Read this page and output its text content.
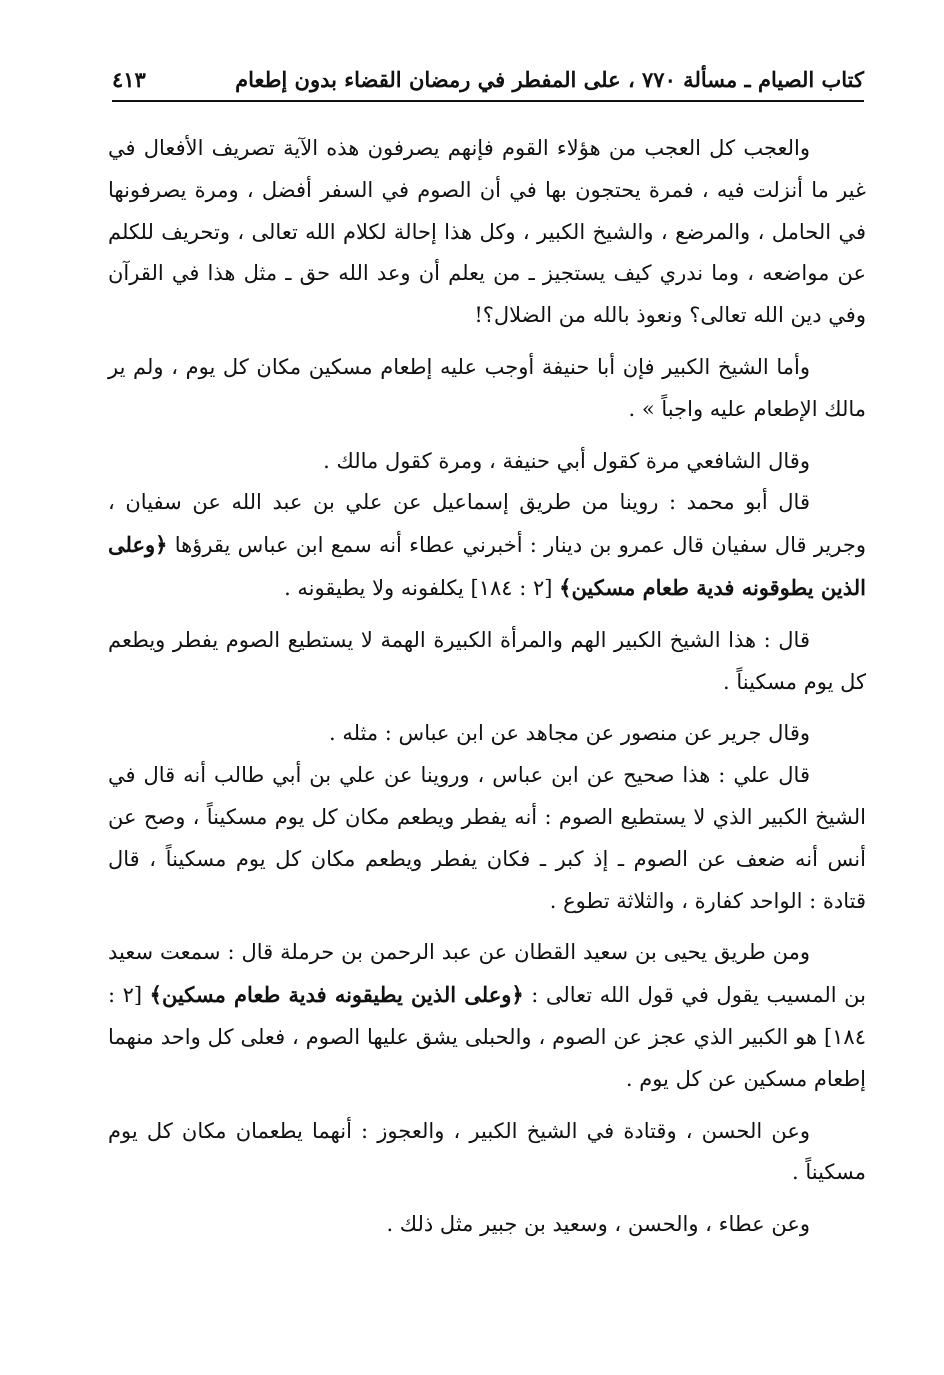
كتاب الصيام ـ مسألة ٧٧٠ ، على المفطر في رمضان القضاء بدون إطعام
٤١٣

والعجب كل العجب من هؤلاء القوم فإنهم يصرفون هذه الآية تصريف الأفعال في غير ما أنزلت فيه ، فمرة يحتجون بها في أن الصوم في السفر أفضل ، ومرة يصرفونها في الحامل ، والمرضع ، والشيخ الكبير ، وكل هذا إحالة لكلام الله تعالى ، وتحريف للكلم عن مواضعه ، وما ندري كيف يستجيز ـ من يعلم أن وعد الله حق ـ مثل هذا في القرآن وفي دين الله تعالى؟ ونعوذ بالله من الضلال؟!

وأما الشيخ الكبير فإن أبا حنيفة أوجب عليه إطعام مسكين مكان كل يوم ، ولم ير مالك الإطعام عليه واجباً » .

وقال الشافعي مرة كقول أبي حنيفة ، ومرة كقول مالك .

قال أبو محمد : روينا من طريق إسماعيل عن علي بن عبد الله عن سفيان ، وجرير قال سفيان قال عمرو بن دينار : أخبرني عطاء أنه سمع ابن عباس يقرؤها ﴿وعلى الذين يطوقونه فدية طعام مسكين﴾ [٢ : ١٨٤] يكلفونه ولا يطيقونه .

قال : هذا الشيخ الكبير الهم والمرأة الكبيرة الهمة لا يستطيع الصوم يفطر ويطعم كل يوم مسكيناً .

وقال جرير عن منصور عن مجاهد عن ابن عباس : مثله .

قال علي : هذا صحيح عن ابن عباس ، وروينا عن علي بن أبي طالب أنه قال في الشيخ الكبير الذي لا يستطيع الصوم : أنه يفطر ويطعم مكان كل يوم مسكيناً ، وصح عن أنس أنه ضعف عن الصوم ـ إذ كبر ـ فكان يفطر ويطعم مكان كل يوم مسكيناً ، قال قتادة : الواحد كفارة ، والثلاثة تطوع .

ومن طريق يحيى بن سعيد القطان عن عبد الرحمن بن حرملة قال : سمعت سعيد بن المسيب يقول في قول الله تعالى : ﴿وعلى الذين يطيقونه فدية طعام مسكين﴾ [٢ : ١٨٤] هو الكبير الذي عجز عن الصوم ، والحبلى يشق عليها الصوم ، فعلى كل واحد منهما إطعام مسكين عن كل يوم .

وعن الحسن ، وقتادة في الشيخ الكبير ، والعجوز : أنهما يطعمان مكان كل يوم مسكيناً .

وعن عطاء ، والحسن ، وسعيد بن جبير مثل ذلك .
